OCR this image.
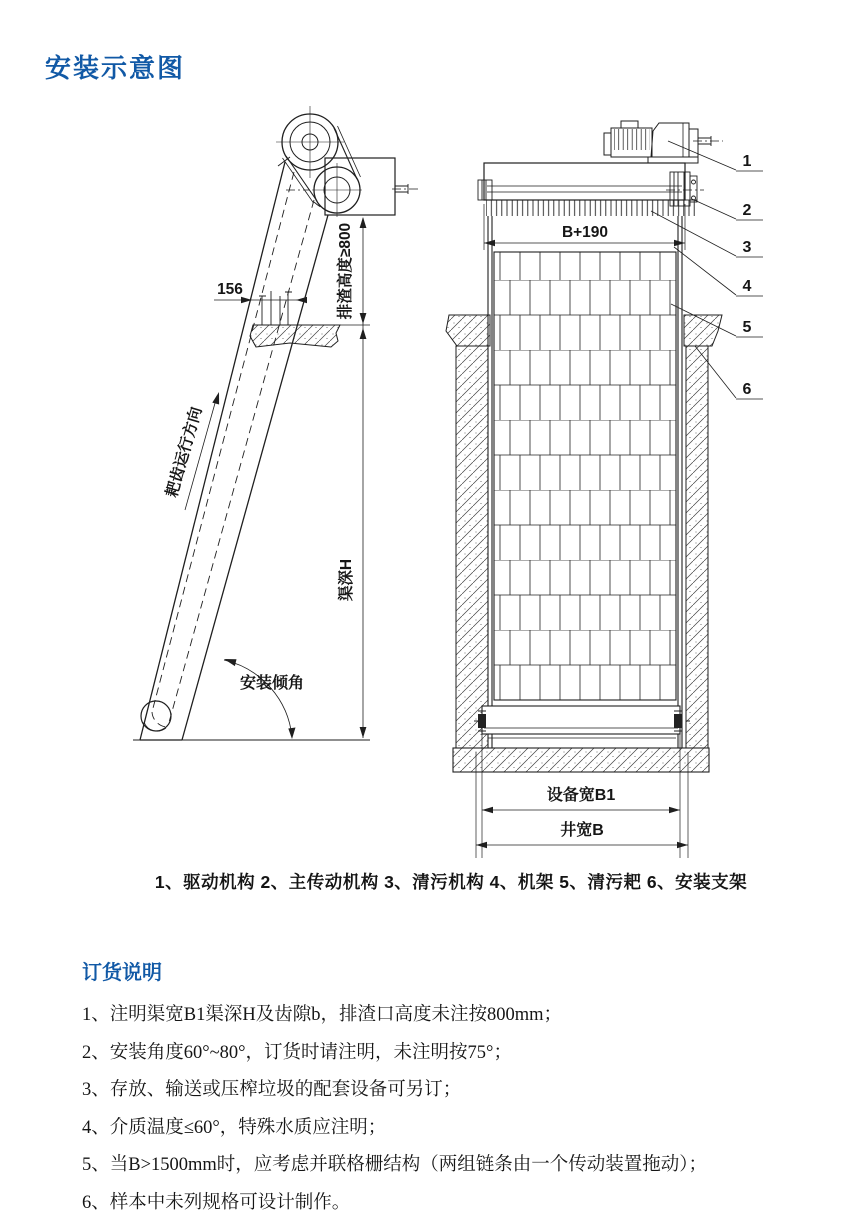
安装示意图
156	排渣高度≥800
渠深H
安装倾角
耙齿运行方向
B+190
设备宽B1
井宽B
1
2
3
4
5
6
1、驱动机构 2、主传动机构 3、清污机构 4、机架 5、清污耙 6、安装支架
订货说明
1、注明渠宽B1渠深H及齿隙b，排渣口高度未注按800mm；
2、安装角度60°~80°，订货时请注明，未注明按75°；
3、存放、输送或压榨垃圾的配套设备可另订；
4、介质温度≤60°，特殊水质应注明；
5、当B>1500mm时，应考虑并联格栅结构（两组链条由一个传动装置拖动）；
6、样本中未列规格可设计制作。
